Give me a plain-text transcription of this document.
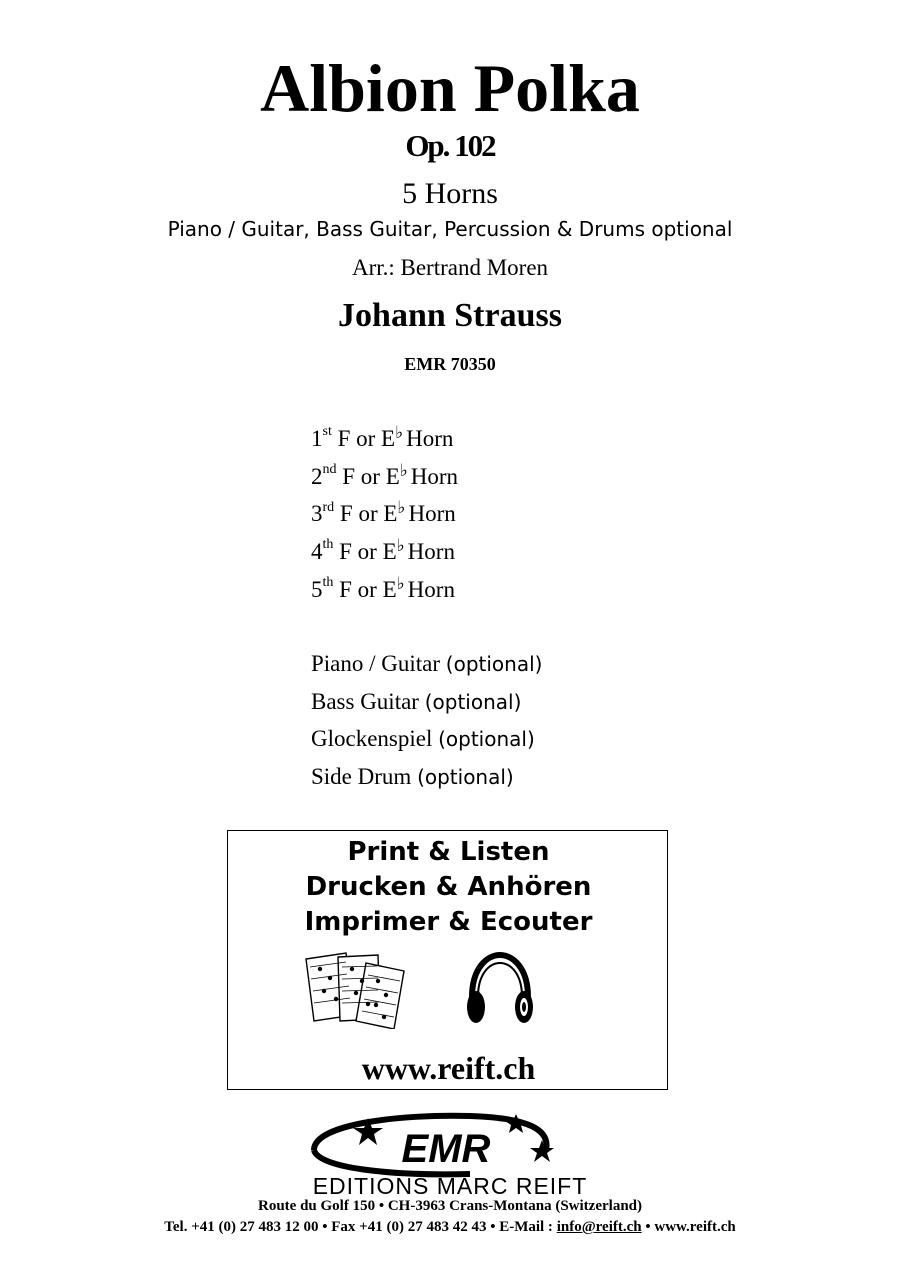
Albion Polka
Op. 102
5 Horns
Piano / Guitar, Bass Guitar, Percussion & Drums optional
Arr.: Bertrand Moren
Johann Strauss
EMR 70350
1st F or E♭ Horn
2nd F or E♭ Horn
3rd F or E♭ Horn
4th F or E♭ Horn
5th F or E♭ Horn
Piano / Guitar (optional)
Bass Guitar (optional)
Glockenspiel (optional)
Side Drum (optional)
Print & Listen
Drucken & Anhören
Imprimer & Ecouter
www.reift.ch
EMR
EDITIONS MARC REIFT
Route du Golf 150 • CH-3963 Crans-Montana (Switzerland)
Tel. +41 (0) 27 483 12 00 • Fax +41 (0) 27 483 42 43 • E-Mail : info@reift.ch • www.reift.ch
